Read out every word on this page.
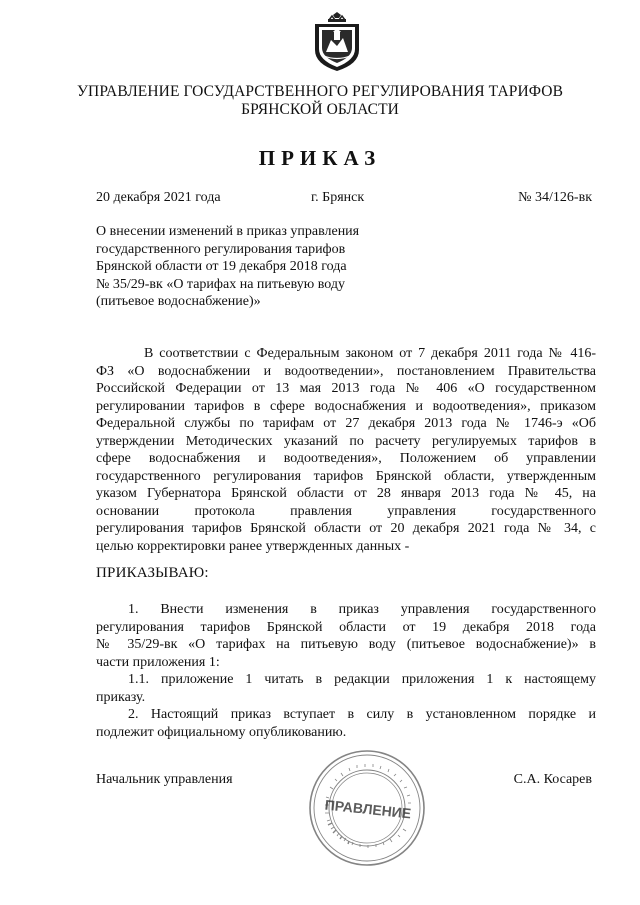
УПРАВЛЕНИЕ ГОСУДАРСТВЕННОГО РЕГУЛИРОВАНИЯ ТАРИФОВ
БРЯНСКОЙ ОБЛАСТИ
ПРИКАЗ
20 декабря 2021 года	г. Брянск	№ 34/126-вк
О внесении изменений в приказ управления
государственного регулирования тарифов
Брянской области от 19 декабря 2018 года
№ 35/29-вк «О тарифах на питьевую воду
(питьевое водоснабжение)»
В соответствии с Федеральным законом от 7 декабря 2011 года № 416-
ФЗ «О водоснабжении и водоотведении», постановлением Правительства
Российской Федерации от 13 мая 2013 года № 406 «О государственном
регулировании тарифов в сфере водоснабжения и водоотведения», приказом
Федеральной службы по тарифам от 27 декабря 2013 года № 1746-э «Об
утверждении Методических указаний по расчету регулируемых тарифов в
сфере водоснабжения и водоотведения», Положением об управлении
государственного регулирования тарифов Брянской области, утвержденным
указом Губернатора Брянской области от 28 января 2013 года № 45, на
основании протокола правления управления государственного
регулирования тарифов Брянской области от 20 декабря 2021 года № 34, с
целью корректировки ранее утвержденных данных -
ПРИКАЗЫВАЮ:
1. Внести изменения в приказ управления государственного
регулирования тарифов Брянской области от 19 декабря 2018 года
№ 35/29-вк «О тарифах на питьевую воду (питьевое водоснабжение)» в
части приложения 1:
1.1. приложение 1 читать в редакции приложения 1 к настоящему
приказу.
2. Настоящий приказ вступает в силу в установленном порядке и
подлежит официальному опубликованию.
Начальник управления	С.А. Косарев
ПРАВЛЕНИЕ
